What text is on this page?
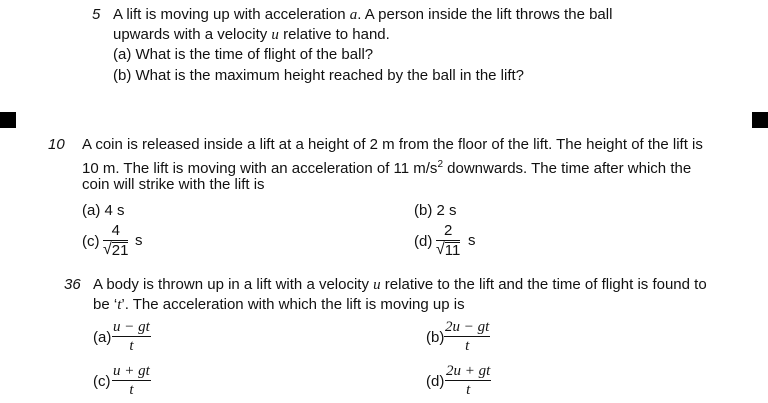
5 A lift is moving up with acceleration a. A person inside the lift throws the ball
upwards with a velocity u relative to hand.
(a) What is the time of flight of the ball?
(b) What is the maximum height reached by the ball in the lift?
10 A coin is released inside a lift at a height of 2 m from the floor of the lift. The height of the lift is
10 m. The lift is moving with an acceleration of 11 $m/s^2$ downwards. The time after which the
coin will strike with the lift is
(a) 4 s	(b) 2 s
(c)
4
√ 21
s	(d)
2
√ 11
s
36 A body is thrown up in a lift with a velocity u relative to the lift and the time of flight is found to
be ‘t’. The acceleration with which the lift is moving up is
(a)
u − gt
t	(b)
2u − gt
t
(c)
u + gt
t	(d)
2u + gt
t
